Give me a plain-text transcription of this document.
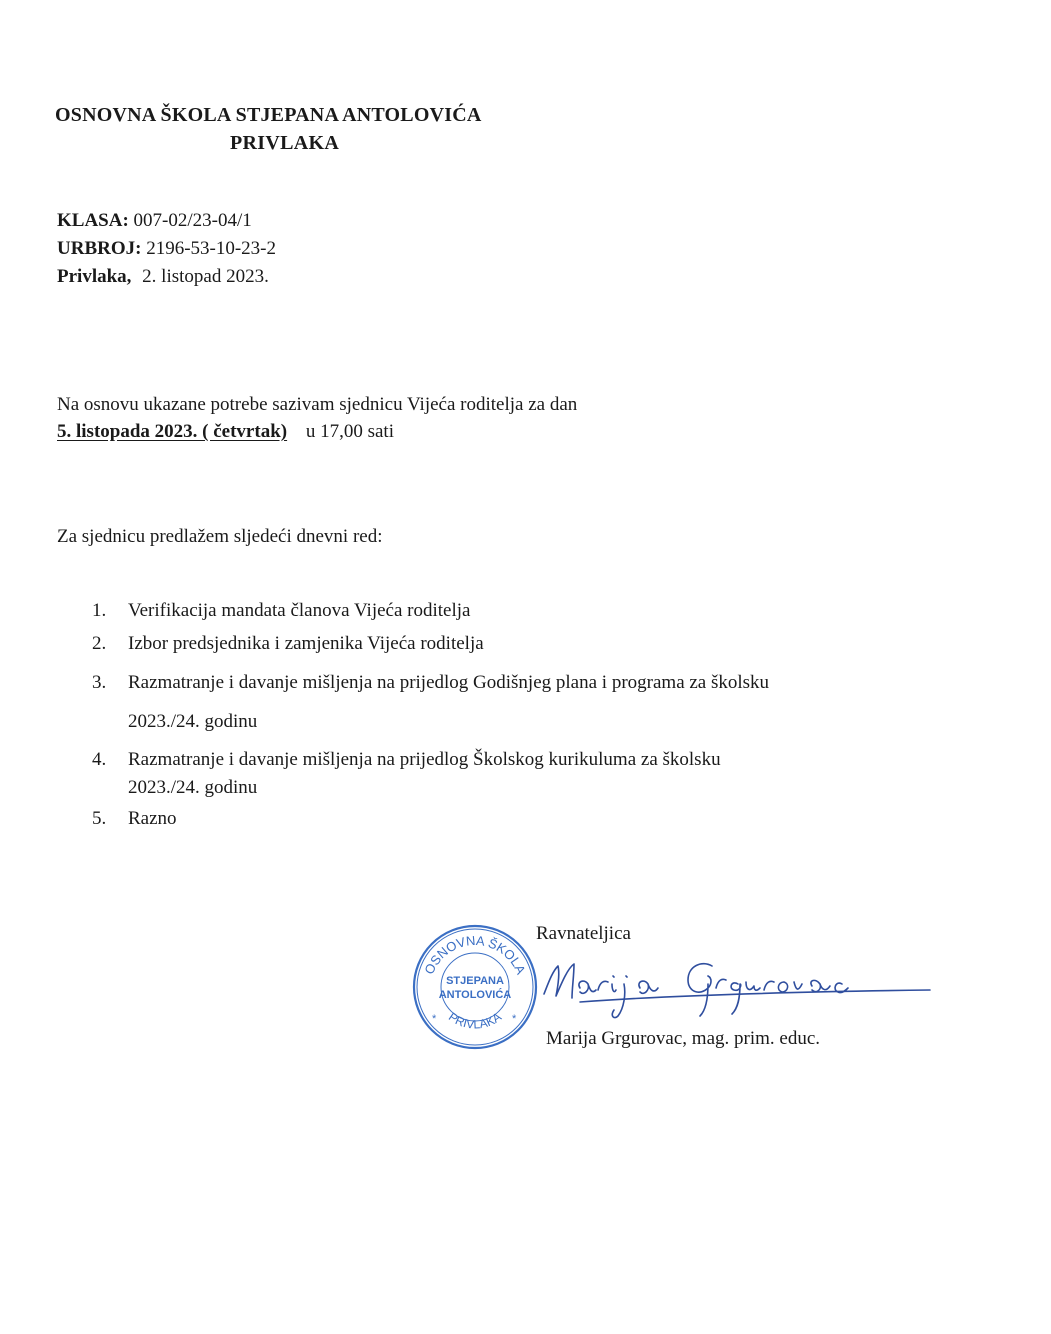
OSNOVNA ŠKOLA STJEPANA ANTOLOVIĆA
PRIVLAKA
KLASA: 007-02/23-04/1
URBROJ: 2196-53-10-23-2
Privlaka, 2. listopad 2023.
Na osnovu ukazane potrebe sazivam sjednicu Vijeća roditelja za dan
5. listopada 2023. ( četvrtak) u 17,00 sati
Za sjednicu predlažem sljedeći dnevni red:
1.	Verifikacija mandata članova Vijeća roditelja
2.	Izbor predsjednika i zamjenika Vijeća roditelja
3.	Razmatranje i davanje mišljenja na prijedlog Godišnjeg plana i programa za školsku
2023./24. godinu
4.	Razmatranje i davanje mišljenja na prijedlog Školskog kurikuluma za školsku
2023./24. godinu
5.	Razno
OSNOVNA ŠKOLA
STJEPANA
ANTOLOVIĆA
PRIVLAKA
*	*
Ravnateljica
Marija Grgurovac, mag. prim. educ.
